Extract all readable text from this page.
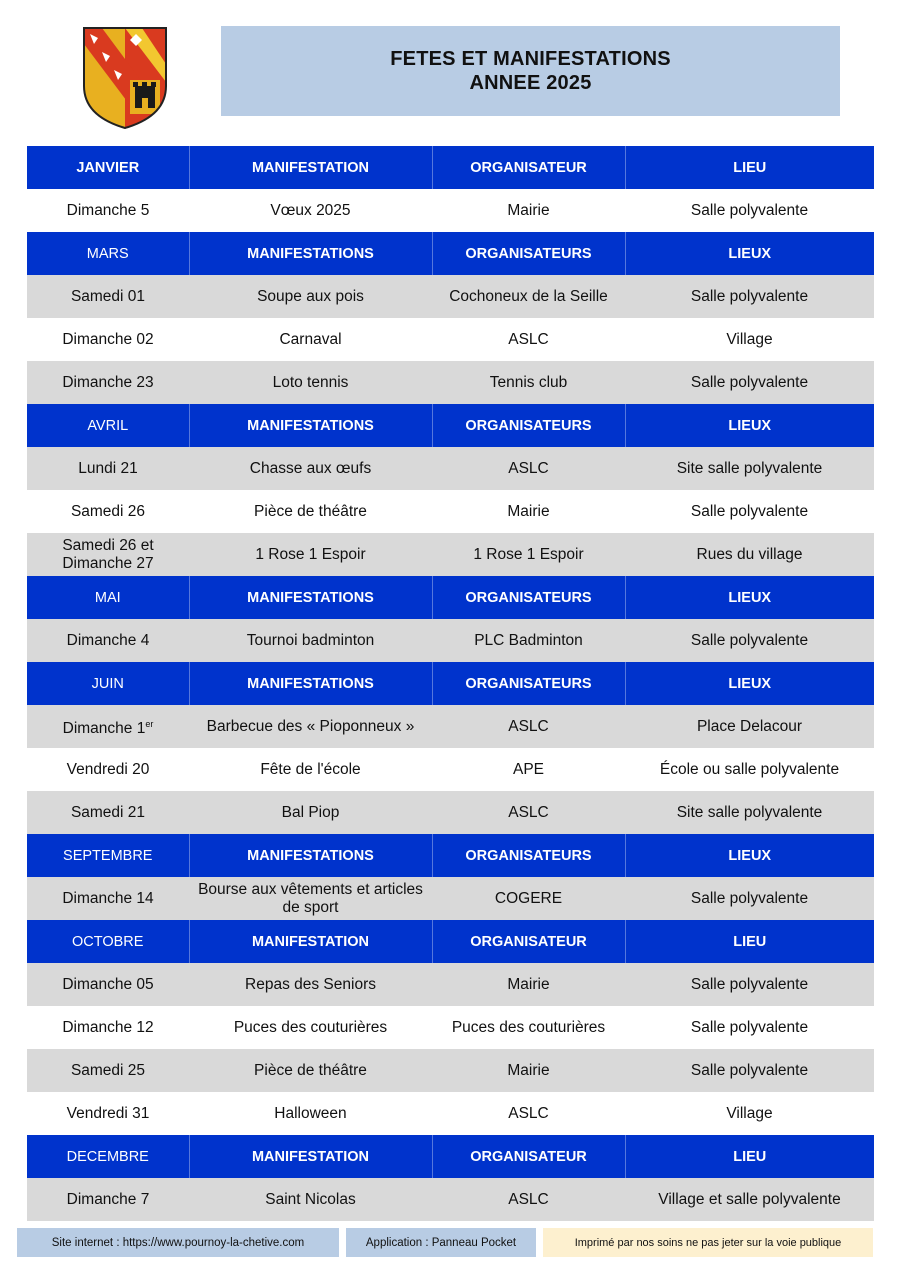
FETES ET MANIFESTATIONS
ANNEE 2025
JANVIER	MANIFESTATION	ORGANISATEUR	LIEU
Dimanche 5	Vœux 2025	Mairie	Salle polyvalente
MARS	MANIFESTATIONS	ORGANISATEURS	LIEUX
Samedi 01	Soupe aux pois	Cochoneux de la Seille	Salle polyvalente
Dimanche 02	Carnaval	ASLC	Village
Dimanche 23	Loto tennis	Tennis club	Salle polyvalente
AVRIL	MANIFESTATIONS	ORGANISATEURS	LIEUX
Lundi 21	Chasse aux œufs	ASLC	Site salle polyvalente
Samedi 26	Pièce de théâtre	Mairie	Salle polyvalente
Samedi 26 et Dimanche 27	1 Rose 1 Espoir	1 Rose 1 Espoir	Rues du village
MAI	MANIFESTATIONS	ORGANISATEURS	LIEUX
Dimanche 4	Tournoi badminton	PLC Badminton	Salle polyvalente
JUIN	MANIFESTATIONS	ORGANISATEURS	LIEUX
Dimanche 1er	Barbecue des « Pioponneux »	ASLC	Place Delacour
Vendredi 20	Fête de l'école	APE	École ou salle polyvalente
Samedi 21	Bal Piop	ASLC	Site salle polyvalente
SEPTEMBRE	MANIFESTATIONS	ORGANISATEURS	LIEUX
Dimanche 14	Bourse aux vêtements et articles de sport	COGERE	Salle polyvalente
OCTOBRE	MANIFESTATION	ORGANISATEUR	LIEU
Dimanche 05	Repas des Seniors	Mairie	Salle polyvalente
Dimanche 12	Puces des couturières	Puces des couturières	Salle polyvalente
Samedi 25	Pièce de théâtre	Mairie	Salle polyvalente
Vendredi 31	Halloween	ASLC	Village
DECEMBRE	MANIFESTATION	ORGANISATEUR	LIEU
Dimanche 7	Saint Nicolas	ASLC	Village et salle polyvalente
Site internet : https://www.pournoy-la-chetive.com	Application : Panneau Pocket	Imprimé par nos soins ne pas jeter sur la voie publique
